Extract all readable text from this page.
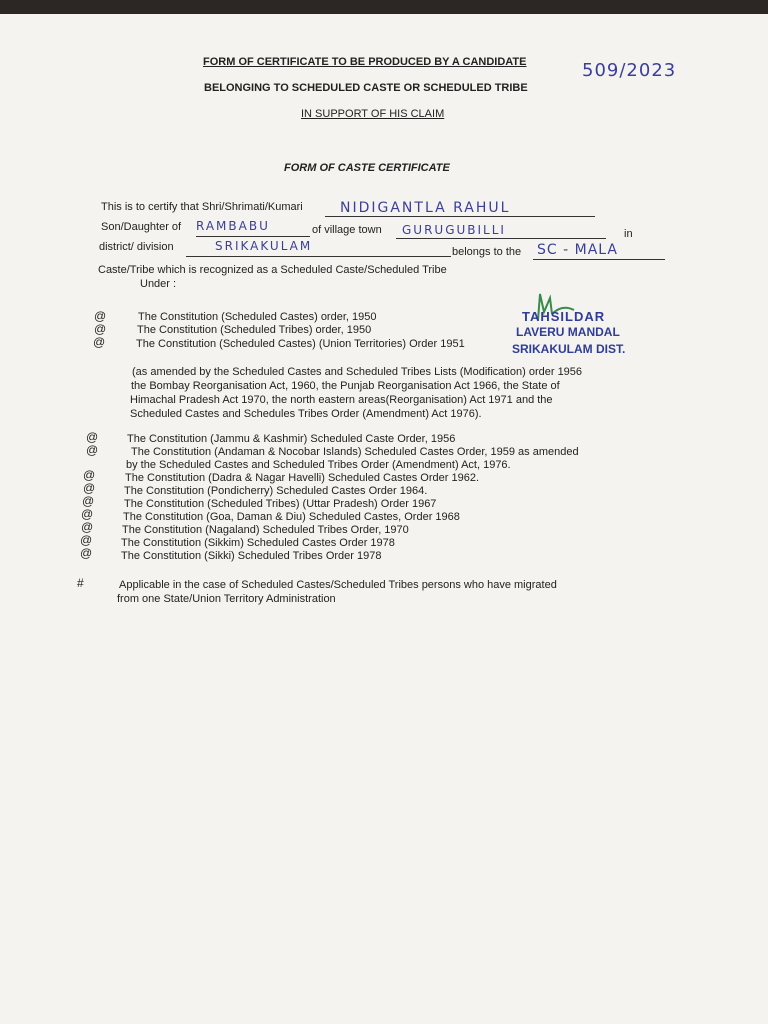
FORM OF CERTIFICATE TO BE PRODUCED BY A CANDIDATE
BELONGING TO SCHEDULED CASTE OR SCHEDULED TRIBE
IN SUPPORT OF HIS CLAIM
509/2023
FORM OF CASTE CERTIFICATE
This is to certify that Shri/Shrimati/Kumari	NIDIGANTLA RAHUL
Son/Daughter of RAMBABU	of village town GURUGUBILLI	in
district/ division	SRIKAKULAM	belongs to the SC - MALA
Caste/Tribe which is recognized as a Scheduled Caste/Scheduled Tribe
Under :
TAHSILDAR
LAVERU MANDAL
SRIKAKULAM DIST.
@
@
@
The Constitution (Scheduled Castes) order, 1950
The Constitution (Scheduled Tribes) order, 1950
The Constitution (Scheduled Castes) (Union Territories) Order 1951
(as amended by the Scheduled Castes and Scheduled Tribes Lists (Modification) order 1956
the Bombay Reorganisation Act, 1960, the Punjab Reorganisation Act 1966, the State of
Himachal Pradesh Act 1970, the north eastern areas(Reorganisation) Act 1971 and the
Scheduled Castes and Schedules Tribes Order (Amendment) Act 1976).
@	The Constitution (Jammu & Kashmir) Scheduled Caste Order, 1956
@	The Constitution (Andaman & Nocobar Islands) Scheduled Castes Order, 1959 as amended
by the Scheduled Castes and Scheduled Tribes Order (Amendment) Act, 1976.
@	The Constitution (Dadra & Nagar Havelli) Scheduled Castes Order 1962.
@	The Constitution (Pondicherry) Scheduled Castes Order 1964.
@	The Constitution (Scheduled Tribes) (Uttar Pradesh) Order 1967
@	The Constitution (Goa, Daman & Diu) Scheduled Castes, Order 1968
@	The Constitution (Nagaland) Scheduled Tribes Order, 1970
@	The Constitution (Sikkim) Scheduled Castes Order 1978
@	The Constitution (Sikki) Scheduled Tribes Order 1978
#	Applicable in the case of Scheduled Castes/Scheduled Tribes persons who have migrated
from one State/Union Territory Administration
